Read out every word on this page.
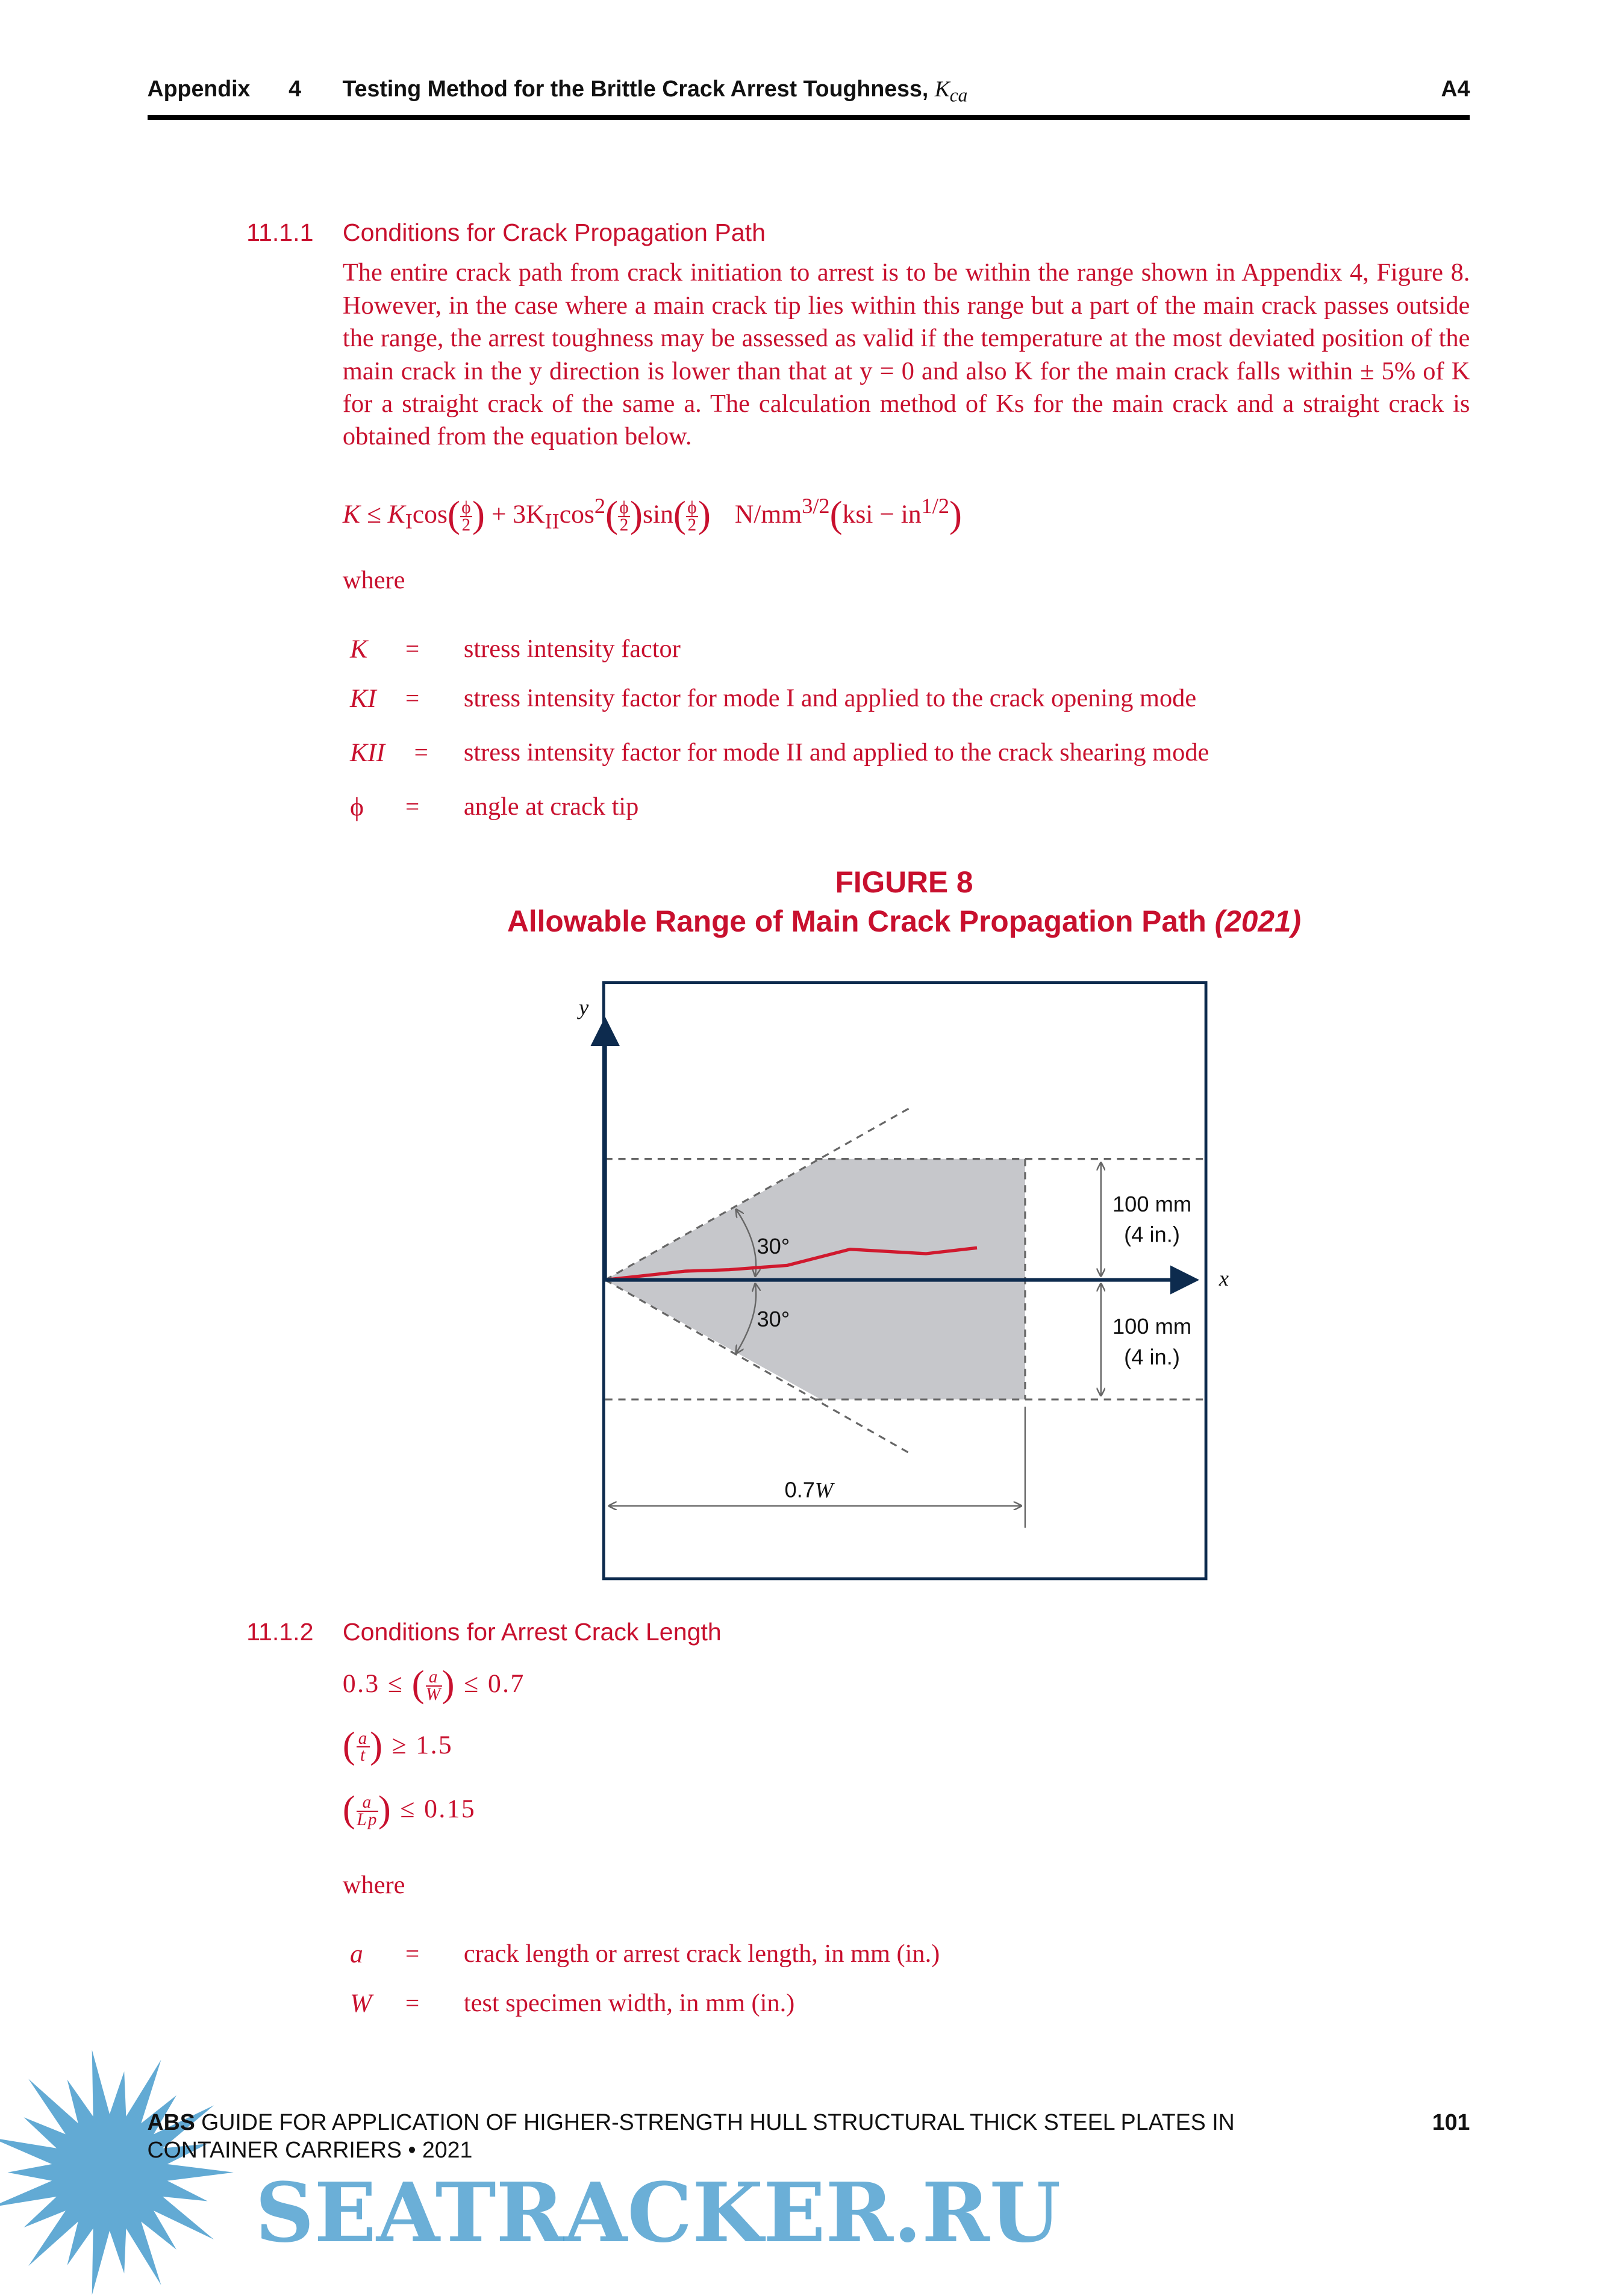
Appendix 4 Testing Method for the Brittle Crack Arrest Toughness, $K_{ca}$	A4
11.1.1 Conditions for Crack Propagation Path
The entire crack path from crack initiation to arrest is to be within the range shown in Appendix 4, Figure 8. However, in the case where a main crack tip lies within this range but a part of the main crack passes outside the range, the arrest toughness may be assessed as valid if the temperature at the most deviated position of the main crack in the y direction is lower than that at y = 0 and also K for the main crack falls within ± 5% of K for a straight crack of the same a. The calculation method of Ks for the main crack and a straight crack is obtained from the equation below.
$K \le K_I\cos( \frac{\phi}{2}$ ) + $3K_{II}\cos^2( \frac{\phi}{2} )\sin( \frac{\phi}{2}$ ) $N/mm^{3/2}(ksi - in^{1/2})$
where
K = stress intensity factor
KI = stress intensity factor for mode I and applied to the crack opening mode
KII = stress intensity factor for mode II and applied to the crack shearing mode
ϕ = angle at crack tip
FIGURE 8
Allowable Range of Main Crack Propagation Path (2021)
y
x
30°
30°
100 mm
(4 in.)
100 mm
(4 in.)
0.7W
11.1.2 Conditions for Arrest Crack Length
0.3 ≤ ( $\frac{a}{W}$ ) ≤ 0.7
( $\frac{a}{t}$ ) ≥ 1.5
( $\frac{a}{Lp}$ ) ≤ 0.15
where
a = crack length or arrest crack length, in mm (in.)
W = test specimen width, in mm (in.)
ABS GUIDE FOR APPLICATION OF HIGHER-STRENGTH HULL STRUCTURAL THICK STEEL PLATES IN
CONTAINER CARRIERS • 2021
101
SEATRACKER.RU
